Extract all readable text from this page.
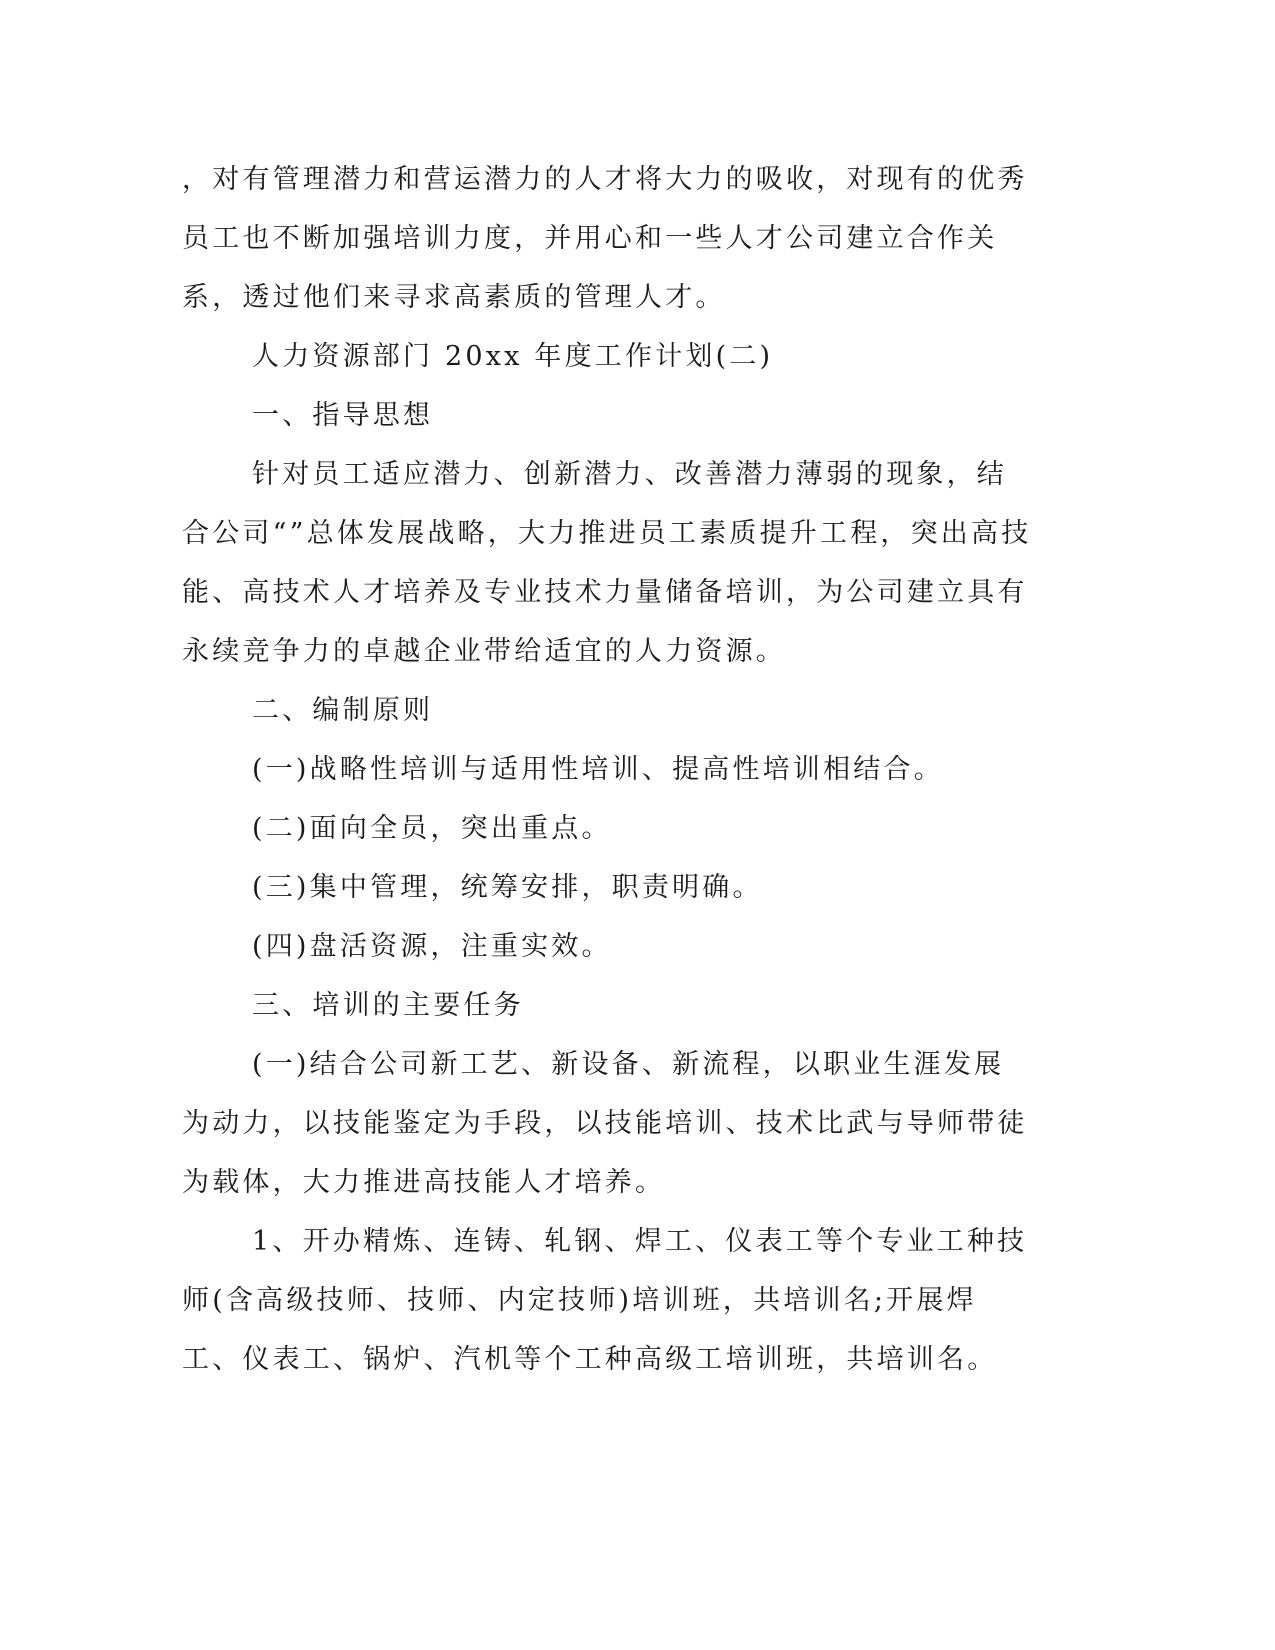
，对有管理潜力和营运潜力的人才将大力的吸收，对现有的优秀员工也不断加强培训力度，并用心和一些人才公司建立合作关系，透过他们来寻求高素质的管理人才。

人力资源部门 20xx 年度工作计划(二)

一、指导思想

针对员工适应潜力、创新潜力、改善潜力薄弱的现象，结合公司“”总体发展战略，大力推进员工素质提升工程，突出高技能、高技术人才培养及专业技术力量储备培训，为公司建立具有永续竞争力的卓越企业带给适宜的人力资源。

二、编制原则

(一)战略性培训与适用性培训、提高性培训相结合。

(二)面向全员，突出重点。

(三)集中管理，统筹安排，职责明确。

(四)盘活资源，注重实效。

三、培训的主要任务

(一)结合公司新工艺、新设备、新流程，以职业生涯发展为动力，以技能鉴定为手段，以技能培训、技术比武与导师带徒为载体，大力推进高技能人才培养。

1、开办精炼、连铸、轧钢、焊工、仪表工等个专业工种技师(含高级技师、技师、内定技师)培训班，共培训名;开展焊工、仪表工、锅炉、汽机等个工种高级工培训班，共培训名。
